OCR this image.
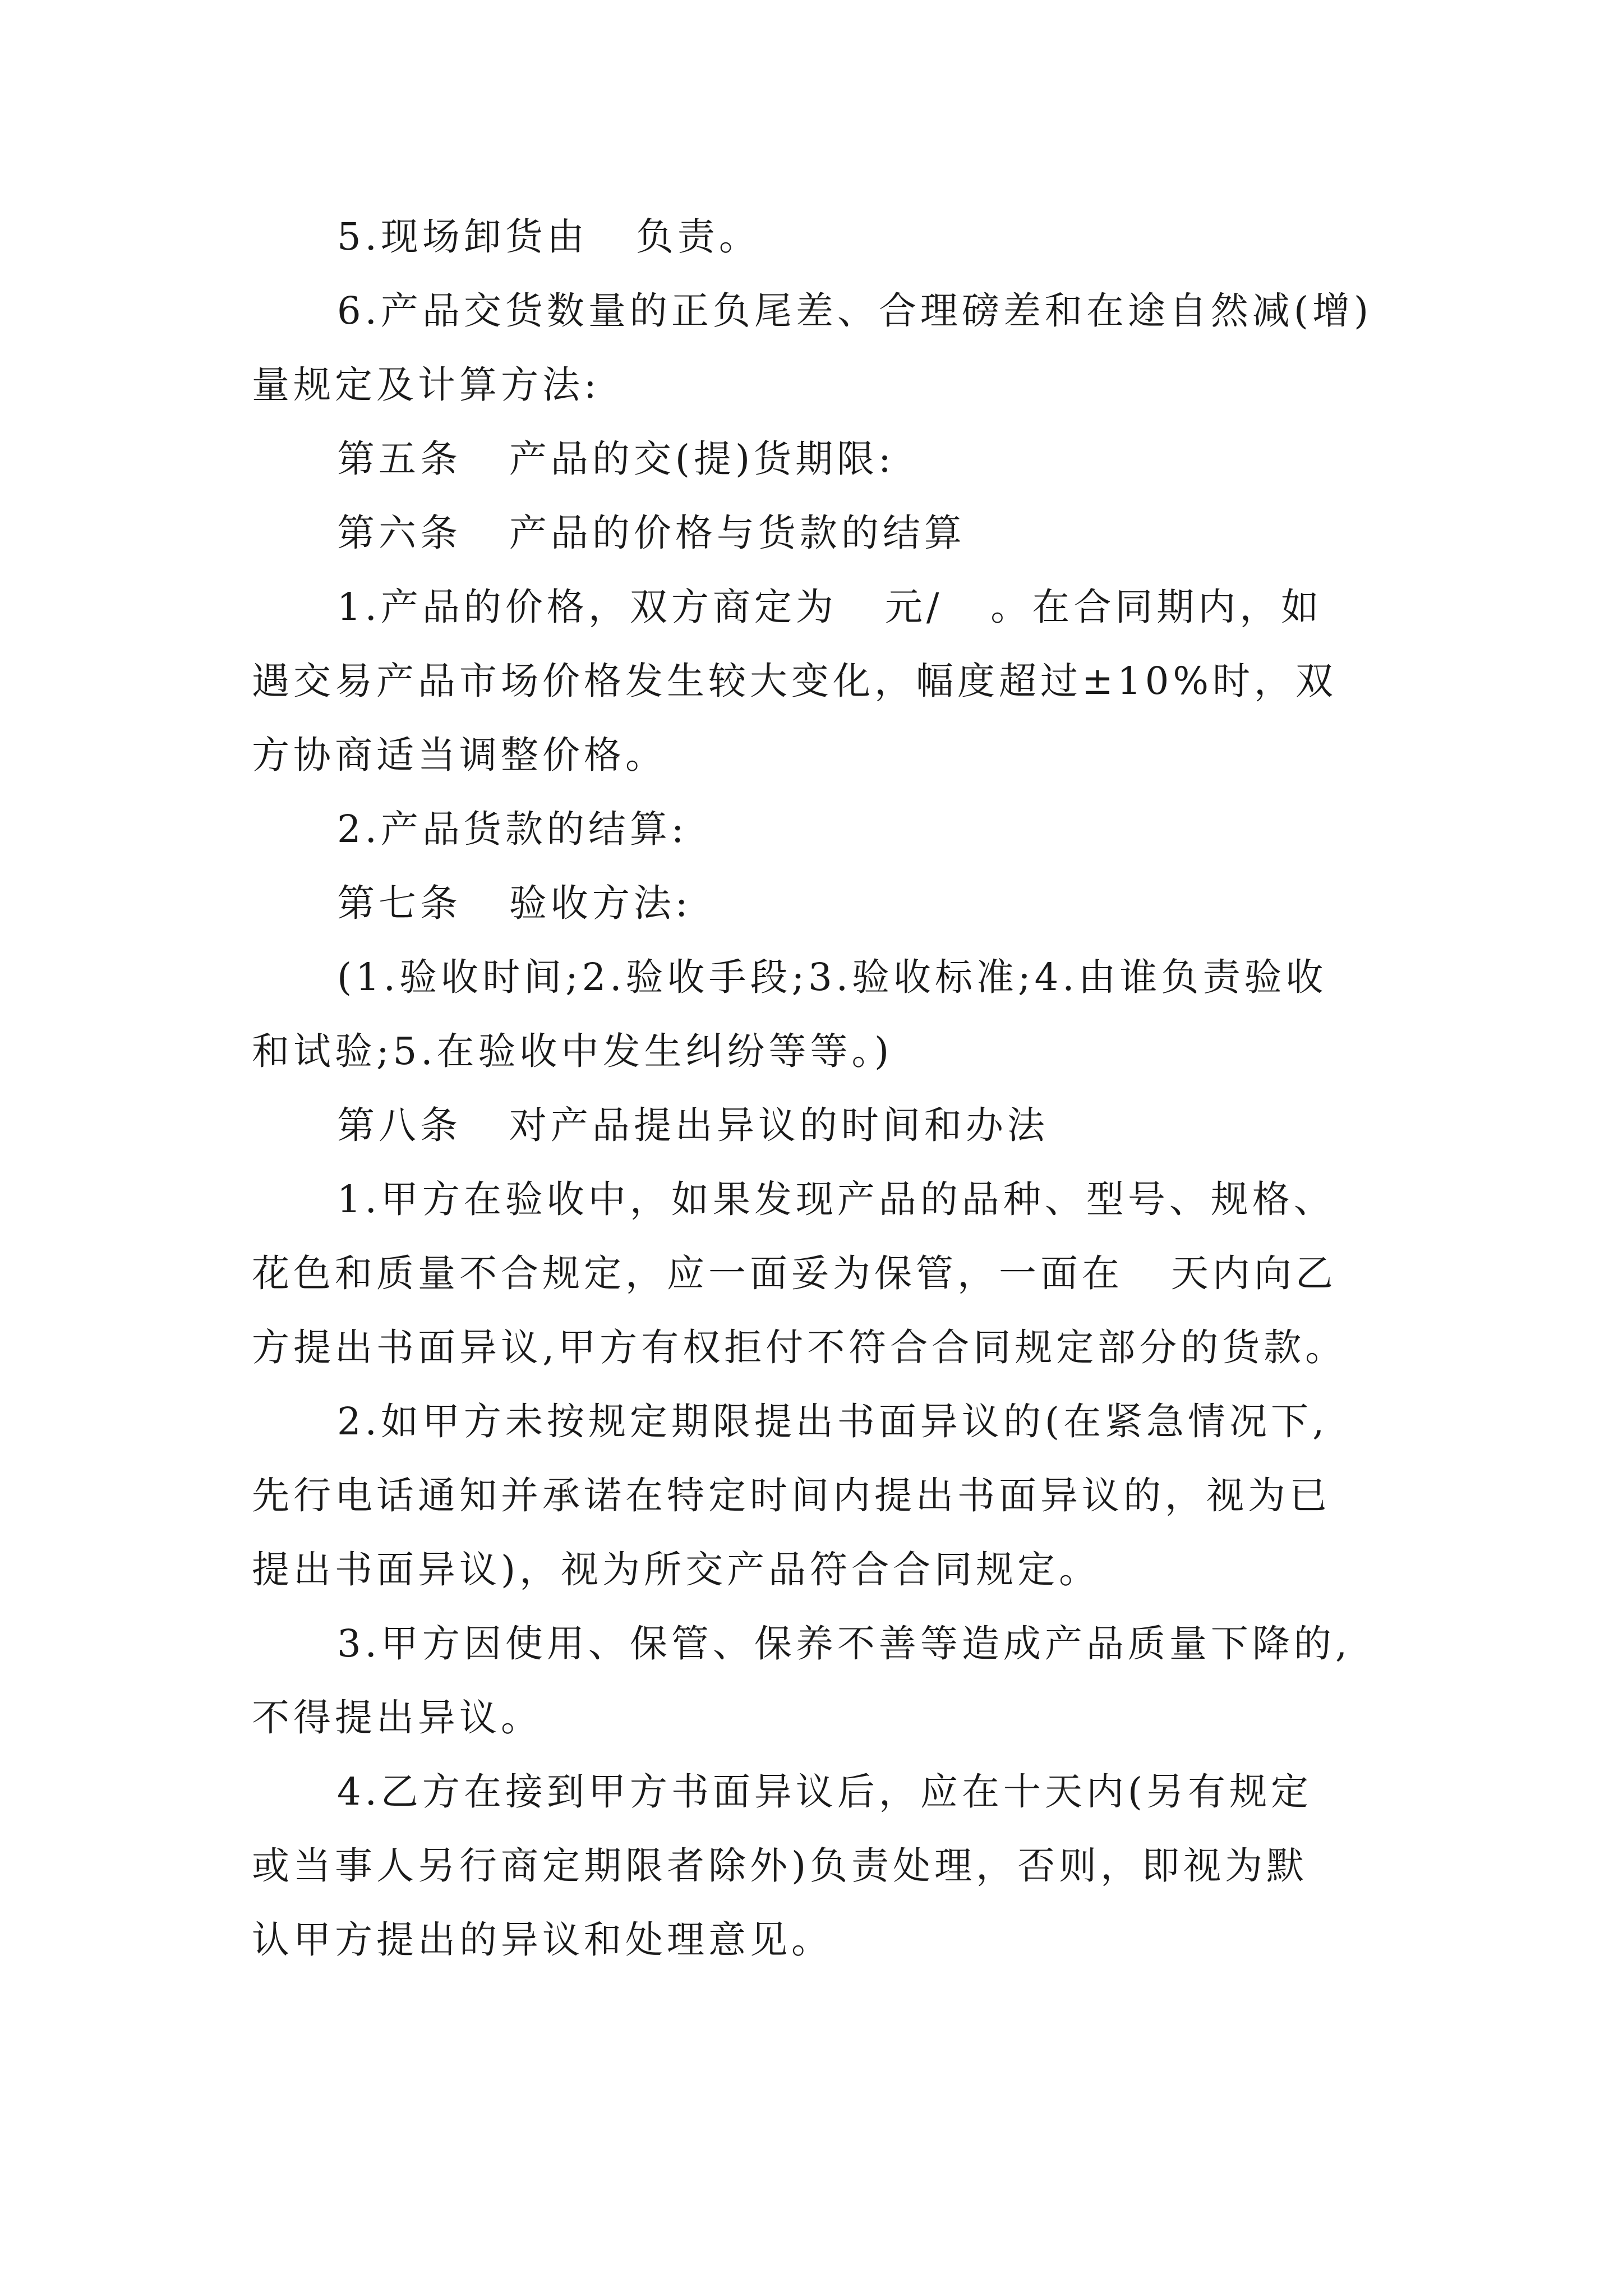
5.现场卸货由   负责。
6.产品交货数量的正负尾差、合理磅差和在途自然减(增)
量规定及计算方法:
第五条   产品的交(提)货期限:
第六条   产品的价格与货款的结算
1.产品的价格，双方商定为   元/   。在合同期内，如
遇交易产品市场价格发生较大变化，幅度超过±10%时，双
方协商适当调整价格。
2.产品货款的结算:
第七条   验收方法:
(1.验收时间;2.验收手段;3.验收标准;4.由谁负责验收
和试验;5.在验收中发生纠纷等等。)
第八条   对产品提出异议的时间和办法
1.甲方在验收中，如果发现产品的品种、型号、规格、
花色和质量不合规定，应一面妥为保管，一面在   天内向乙
方提出书面异议,甲方有权拒付不符合合同规定部分的货款。
2.如甲方未按规定期限提出书面异议的(在紧急情况下,
先行电话通知并承诺在特定时间内提出书面异议的，视为已
提出书面异议)，视为所交产品符合合同规定。
3.甲方因使用、保管、保养不善等造成产品质量下降的,
不得提出异议。
4.乙方在接到甲方书面异议后，应在十天内(另有规定
或当事人另行商定期限者除外)负责处理，否则，即视为默
认甲方提出的异议和处理意见。
